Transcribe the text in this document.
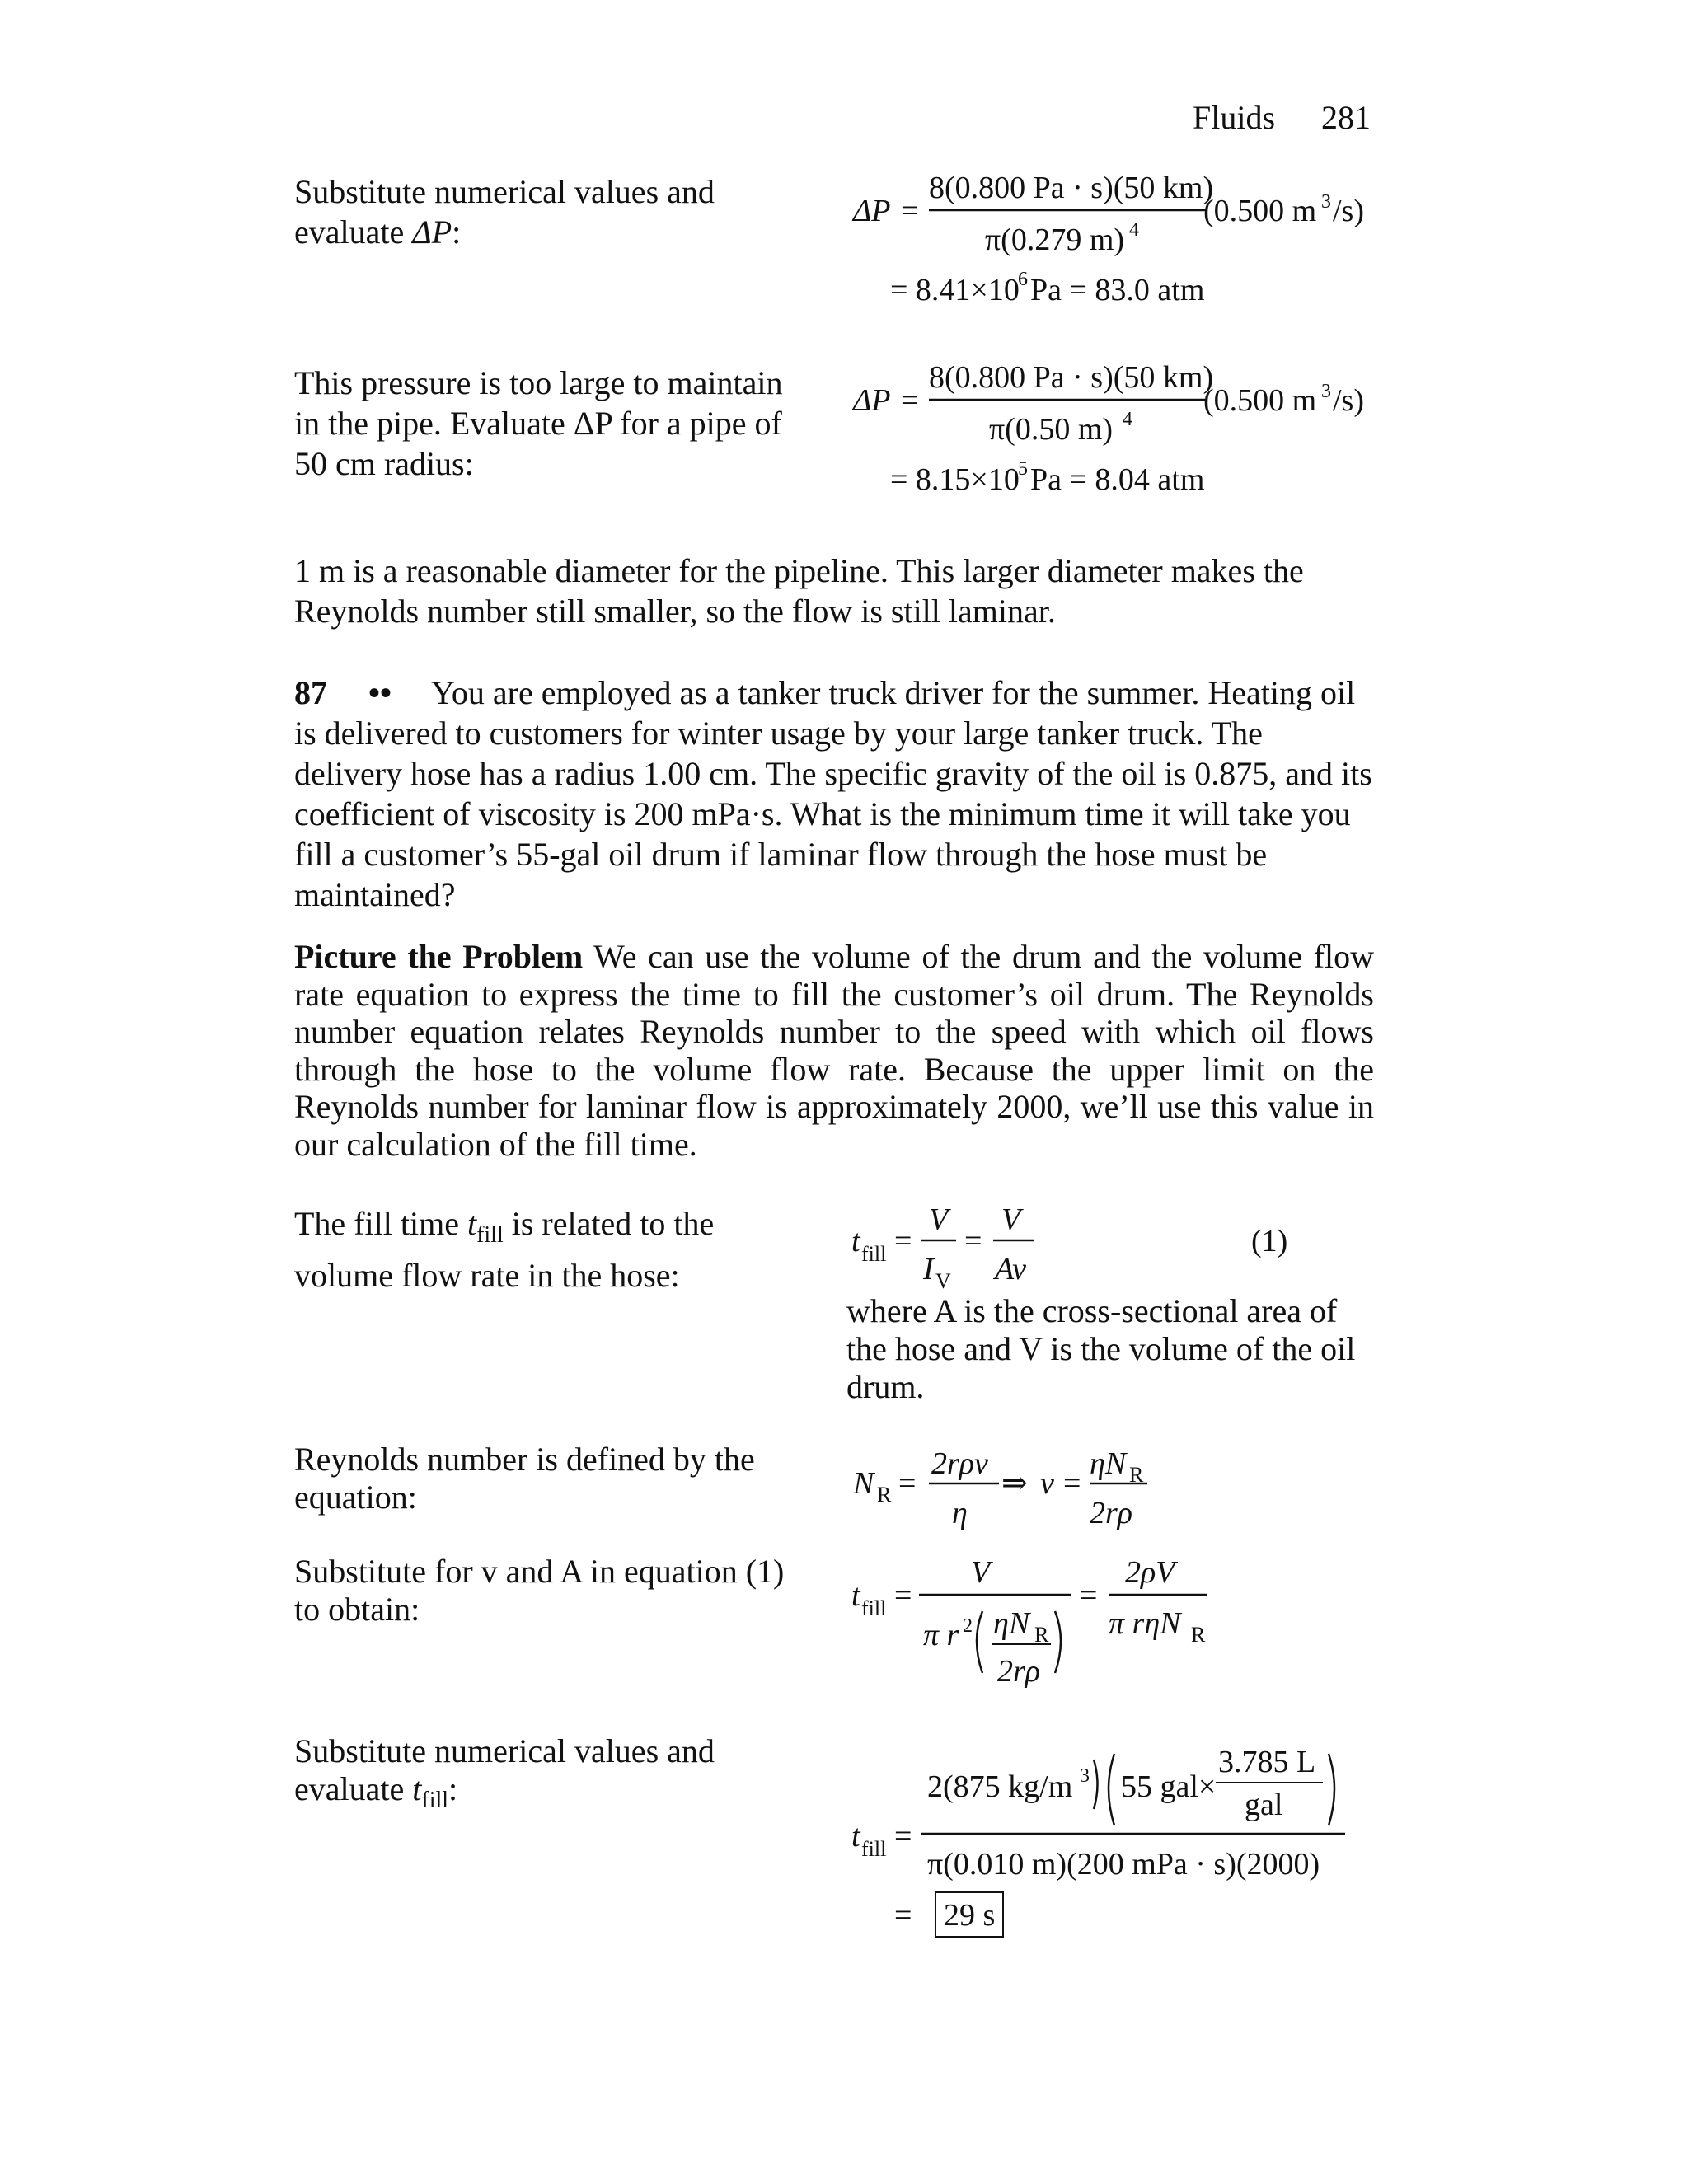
Fluids 281
Substitute numerical values and
evaluate ΔP:
ΔP =
8(0.800 Pa · s)(50 km)
π(0.279 m) 4
(0.500 m 3 /s)
= 8.41×10
6 Pa = 83.0 atm
This pressure is too large to maintain
in the pipe. Evaluate ΔP for a pipe of
50 cm radius:
ΔP =
8(0.800 Pa · s)(50 km)
π(0.50 m) 4
(0.500 m 3 /s)
= 8.15×10
5 Pa = 8.04 atm
1 m is a reasonable diameter for the pipeline. This larger diameter makes the
Reynolds number still smaller, so the flow is still laminar.
87 •• You are employed as a tanker truck driver for the summer. Heating oil is delivered to customers for winter usage by your large tanker truck. The delivery hose has a radius 1.00 cm. The specific gravity of the oil is 0.875, and its coefficient of viscosity is 200 mPa·s. What is the minimum time it will take you fill a customer’s 55-gal oil drum if laminar flow through the hose must be maintained?
Picture the Problem We can use the volume of the drum and the volume flow rate equation to express the time to fill the customer’s oil drum. The Reynolds number equation relates Reynolds number to the speed with which oil flows through the hose to the volume flow rate. Because the upper limit on the Reynolds number for laminar flow is approximately 2000, we’ll use this value in our calculation of the fill time.
The fill time $t_{fill}$ is related to the
volume flow rate in the hose:
t fill =
V
I V
=
V
Av
(1)
where A is the cross-sectional area of
the hose and V is the volume of the oil
drum.
Reynolds number is defined by the
equation:	N R =
2rρv
η
⇒ v =
ηN R
2rρ
Substitute for v and A in equation (1)
to obtain:	t fill =
V
π r 2 ηN R
2rρ
=
2ρV
π rηN R
Substitute numerical values and
evaluate $t_{fill}$:
t fill =
2(875 kg/m 3 55 gal×
3.785 L
gal
π(0.010 m)(200 mPa · s)(2000)
= 29 s
